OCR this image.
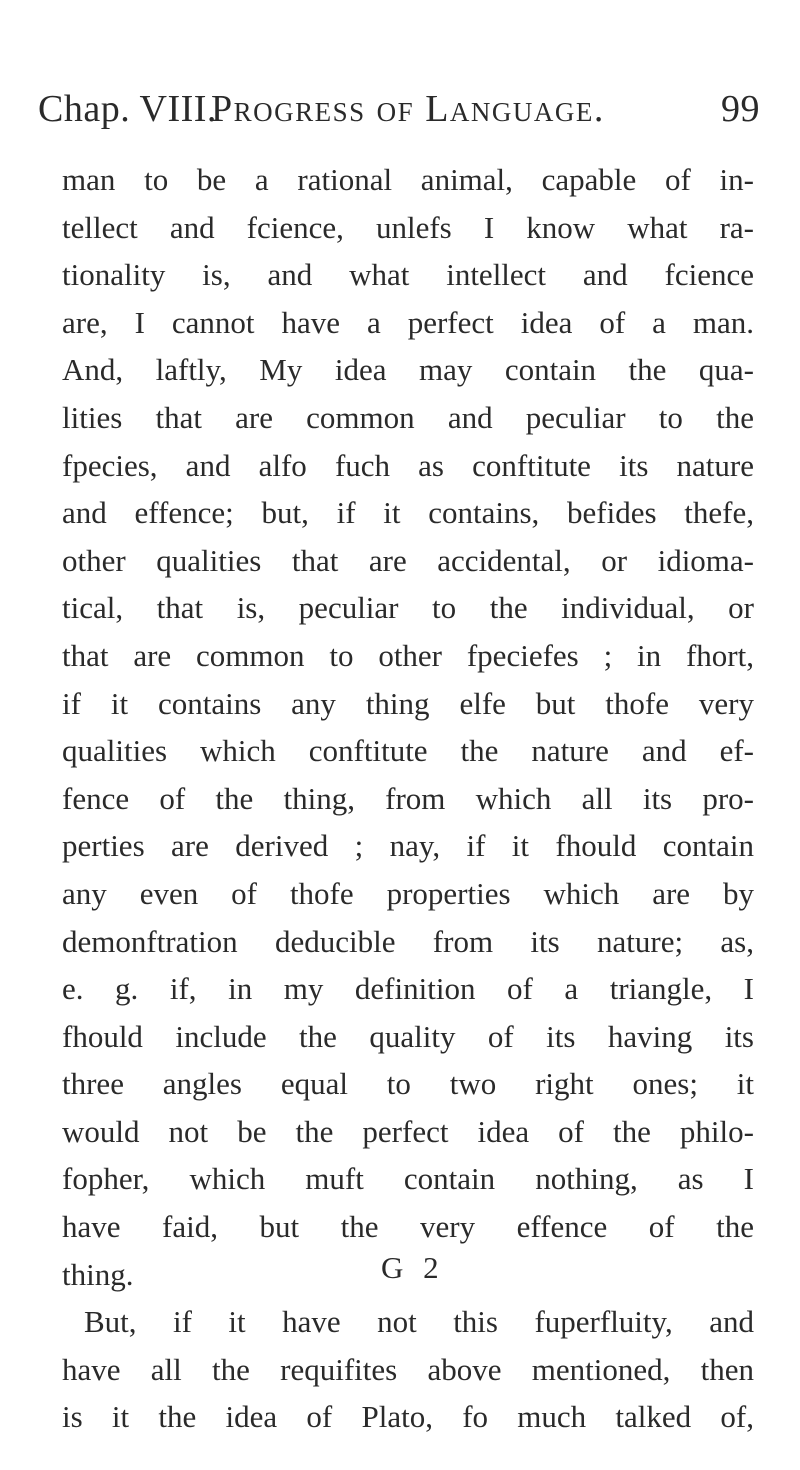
Chap. VIII.
Progress of Language.	99
man to be a rational animal, capable of in-
tellect and fcience, unlefs I know what ra-
tionality is, and what intellect and fcience
are, I cannot have a perfect idea of a man.
And, laftly, My idea may contain the qua-
lities that are common and peculiar to the
fpecies, and alfo fuch as conftitute its nature
and effence; but, if it contains, befides thefe,
other qualities that are accidental, or idioma-
tical, that is, peculiar to the individual, or
that are common to other fpeciefes ; in fhort,
if it contains any thing elfe but thofe very
qualities which conftitute the nature and ef-
fence of the thing, from which all its pro-
perties are derived ; nay, if it fhould contain
any even of thofe properties which are by
demonftration deducible from its nature; as,
e. g. if, in my definition of a triangle, I
fhould include the quality of its having its
three angles equal to two right ones; it
would not be the perfect idea of the philo-
fopher, which muft contain nothing, as I
have faid, but the very effence of the
thing.
But, if it have not this fuperfluity, and
have all the requifites above mentioned, then
is it the idea of Plato, fo much talked of,
G 2
